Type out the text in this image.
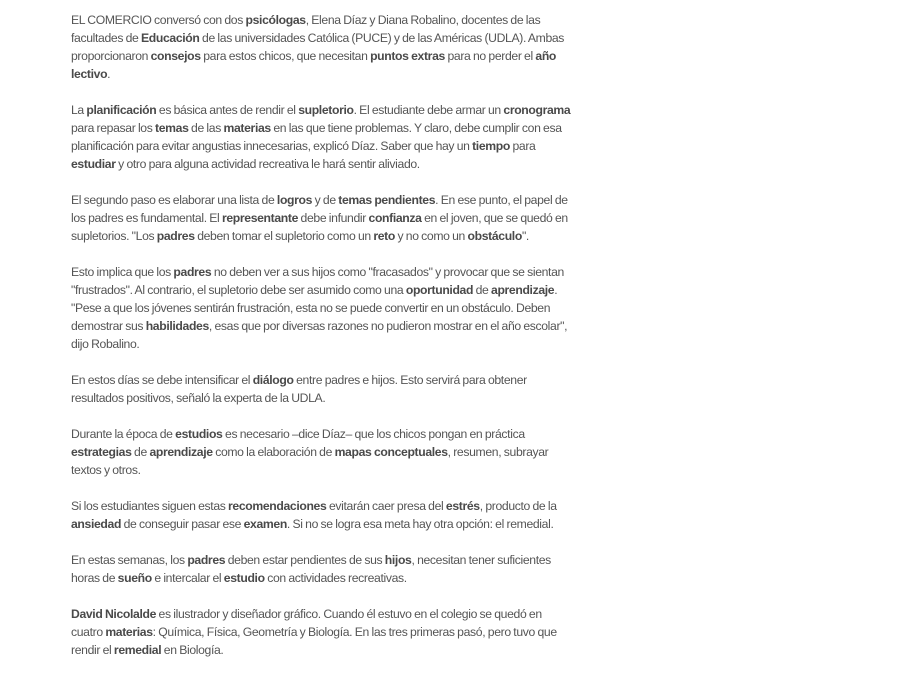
EL COMERCIO conversó con dos psicólogas, Elena Díaz y Diana Robalino, docentes de las facultades de Educación de las universidades Católica (PUCE) y de las Américas (UDLA). Ambas proporcionaron consejos para estos chicos, que necesitan puntos extras para no perder el año lectivo.

La planificación es básica antes de rendir el supletorio. El estudiante debe armar un cronograma para repasar los temas de las materias en las que tiene problemas. Y claro, debe cumplir con esa planificación para evitar angustias innecesarias, explicó Díaz. Saber que hay un tiempo para estudiar y otro para alguna actividad recreativa le hará sentir aliviado.

El segundo paso es elaborar una lista de logros y de temas pendientes. En ese punto, el papel de los padres es fundamental. El representante debe infundir confianza en el joven, que se quedó en supletorios. "Los padres deben tomar el supletorio como un reto y no como un obstáculo".

Esto implica que los padres no deben ver a sus hijos como "fracasados" y provocar que se sientan "frustrados". Al contrario, el supletorio debe ser asumido como una oportunidad de aprendizaje. "Pese a que los jóvenes sentirán frustración, esta no se puede convertir en un obstáculo. Deben demostrar sus habilidades, esas que por diversas razones no pudieron mostrar en el año escolar", dijo Robalino.

En estos días se debe intensificar el diálogo entre padres e hijos. Esto servirá para obtener resultados positivos, señaló la experta de la UDLA.

Durante la época de estudios es necesario –dice Díaz– que los chicos pongan en práctica estrategias de aprendizaje como la elaboración de mapas conceptuales, resumen, subrayar textos y otros.

Si los estudiantes siguen estas recomendaciones evitarán caer presa del estrés, producto de la ansiedad de conseguir pasar ese examen. Si no se logra esa meta hay otra opción: el remedial.

En estas semanas, los padres deben estar pendientes de sus hijos, necesitan tener suficientes horas de sueño e intercalar el estudio con actividades recreativas.

David Nicolalde es ilustrador y diseñador gráfico. Cuando él estuvo en el colegio se quedó en cuatro materias: Química, Física, Geometría y Biología. En las tres primeras pasó, pero tuvo que rendir el remedial en Biología.
